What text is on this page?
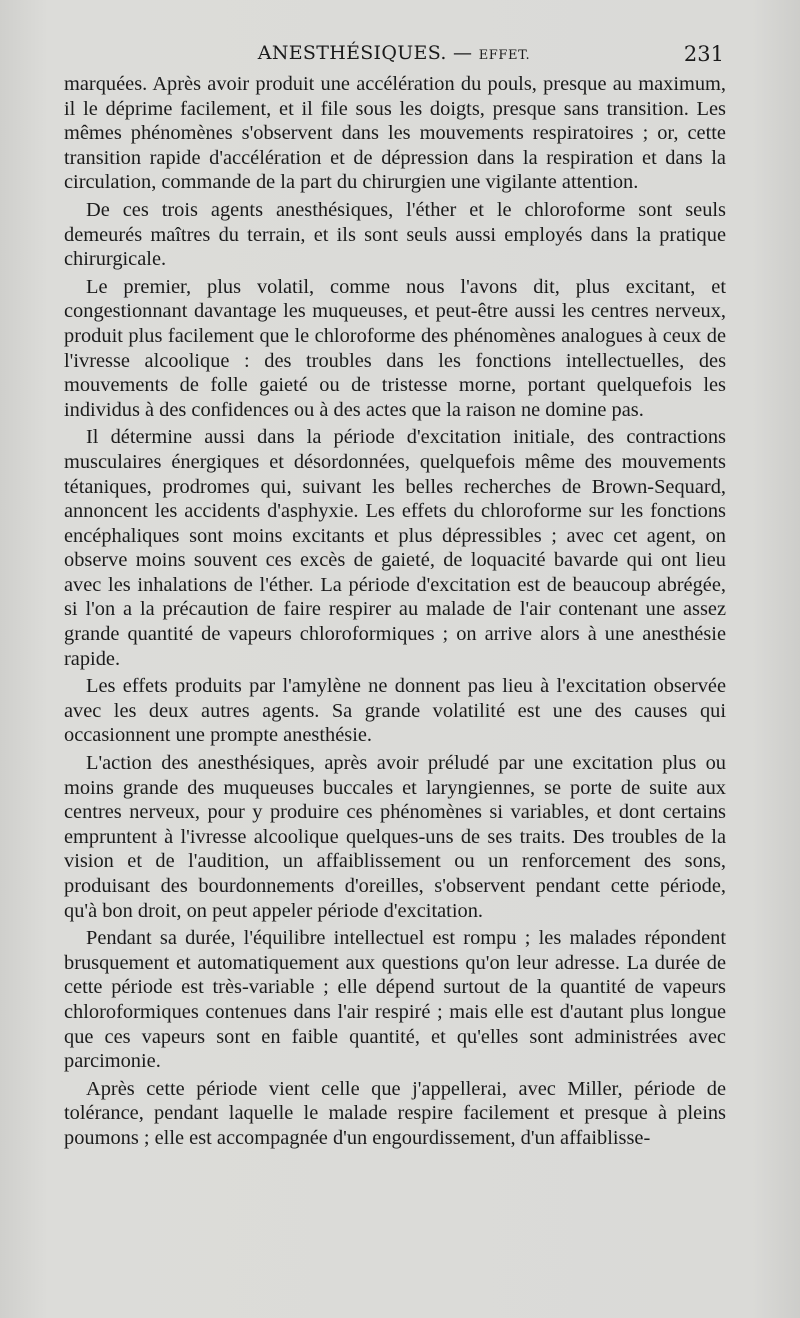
ANESTHÉSIQUES. — EFFET.	231

marquées. Après avoir produit une accélération du pouls, presque au maximum, il le déprime facilement, et il file sous les doigts, presque sans transition. Les mêmes phénomènes s'observent dans les mouvements respiratoires ; or, cette transition rapide d'accélération et de dépression dans la respiration et dans la circulation, commande de la part du chirurgien une vigilante attention.

De ces trois agents anesthésiques, l'éther et le chloroforme sont seuls demeurés maîtres du terrain, et ils sont seuls aussi employés dans la pratique chirurgicale.

Le premier, plus volatil, comme nous l'avons dit, plus excitant, et congestionnant davantage les muqueuses, et peut-être aussi les centres nerveux, produit plus facilement que le chloroforme des phénomènes analogues à ceux de l'ivresse alcoolique : des troubles dans les fonctions intellectuelles, des mouvements de folle gaieté ou de tristesse morne, portant quelquefois les individus à des confidences ou à des actes que la raison ne domine pas.

Il détermine aussi dans la période d'excitation initiale, des contractions musculaires énergiques et désordonnées, quelquefois même des mouvements tétaniques, prodromes qui, suivant les belles recherches de Brown-Sequard, annoncent les accidents d'asphyxie. Les effets du chloroforme sur les fonctions encéphaliques sont moins excitants et plus dépressibles ; avec cet agent, on observe moins souvent ces excès de gaieté, de loquacité bavarde qui ont lieu avec les inhalations de l'éther. La période d'excitation est de beaucoup abrégée, si l'on a la précaution de faire respirer au malade de l'air contenant une assez grande quantité de vapeurs chloroformiques ; on arrive alors à une anesthésie rapide.

Les effets produits par l'amylène ne donnent pas lieu à l'excitation observée avec les deux autres agents. Sa grande volatilité est une des causes qui occasionnent une prompte anesthésie.

L'action des anesthésiques, après avoir préludé par une excitation plus ou moins grande des muqueuses buccales et laryngiennes, se porte de suite aux centres nerveux, pour y produire ces phénomènes si variables, et dont certains empruntent à l'ivresse alcoolique quelques-uns de ses traits. Des troubles de la vision et de l'audition, un affaiblissement ou un renforcement des sons, produisant des bourdonnements d'oreilles, s'observent pendant cette période, qu'à bon droit, on peut appeler période d'excitation.

Pendant sa durée, l'équilibre intellectuel est rompu ; les malades répondent brusquement et automatiquement aux questions qu'on leur adresse. La durée de cette période est très-variable ; elle dépend surtout de la quantité de vapeurs chloroformiques contenues dans l'air respiré ; mais elle est d'autant plus longue que ces vapeurs sont en faible quantité, et qu'elles sont administrées avec parcimonie.

Après cette période vient celle que j'appellerai, avec Miller, période de tolérance, pendant laquelle le malade respire facilement et presque à pleins poumons ; elle est accompagnée d'un engourdissement, d'un affaiblisse-
